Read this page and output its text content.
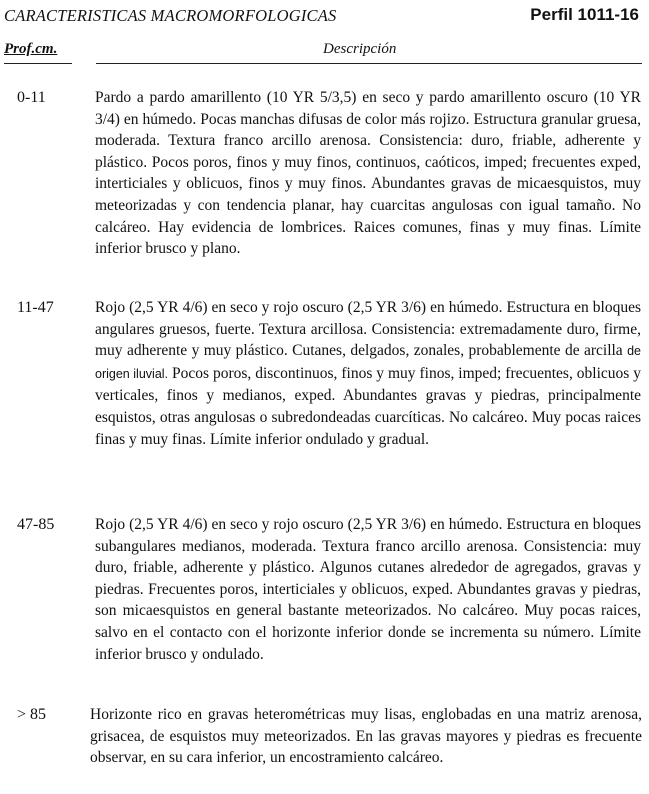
CARACTERISTICAS MACROMORFOLOGICAS	Perfil 1011-16
Prof.cm.	Descripción
0-11	Pardo a pardo amarillento (10 YR 5/3,5) en seco y pardo amarillento oscuro (10 YR 3/4) en húmedo. Pocas manchas difusas de color más rojizo. Estructura granular gruesa, moderada. Textura franco arcillo arenosa. Consistencia: duro, friable, adherente y plástico. Pocos poros, finos y muy finos, continuos, caóticos, imped; frecuentes exped, interticiales y oblicuos, finos y muy finos. Abundantes gravas de micaesquistos, muy meteorizadas y con tendencia planar, hay cuarcitas angulosas con igual tamaño. No calcáreo. Hay evidencia de lombrices. Raices comunes, finas y muy finas. Límite inferior brusco y plano.
11-47	Rojo (2,5 YR 4/6) en seco y rojo oscuro (2,5 YR 3/6) en húmedo. Estructura en bloques angulares gruesos, fuerte. Textura arcillosa. Consistencia: extremadamente duro, firme, muy adherente y muy plástico. Cutanes, delgados, zonales, probablemente de arcilla de origen iluvial. Pocos poros, discontinuos, finos y muy finos, imped; frecuentes, oblicuos y verticales, finos y medianos, exped. Abundantes gravas y piedras, principalmente esquistos, otras angulosas o subredondeadas cuarcíticas. No calcáreo. Muy pocas raices finas y muy finas. Límite inferior ondulado y gradual.
47-85	Rojo (2,5 YR 4/6) en seco y rojo oscuro (2,5 YR 3/6) en húmedo. Estructura en bloques subangulares medianos, moderada. Textura franco arcillo arenosa. Consistencia: muy duro, friable, adherente y plástico. Algunos cutanes alrededor de agregados, gravas y piedras. Frecuentes poros, interticiales y oblicuos, exped. Abundantes gravas y piedras, son micaesquistos en general bastante meteorizados. No calcáreo. Muy pocas raices, salvo en el contacto con el horizonte inferior donde se incrementa su número. Límite inferior brusco y ondulado.
> 85	Horizonte rico en gravas heterométricas muy lisas, englobadas en una matriz arenosa, grisacea, de esquistos muy meteorizados. En las gravas mayores y piedras es frecuente observar, en su cara inferior, un encostramiento calcáreo.
